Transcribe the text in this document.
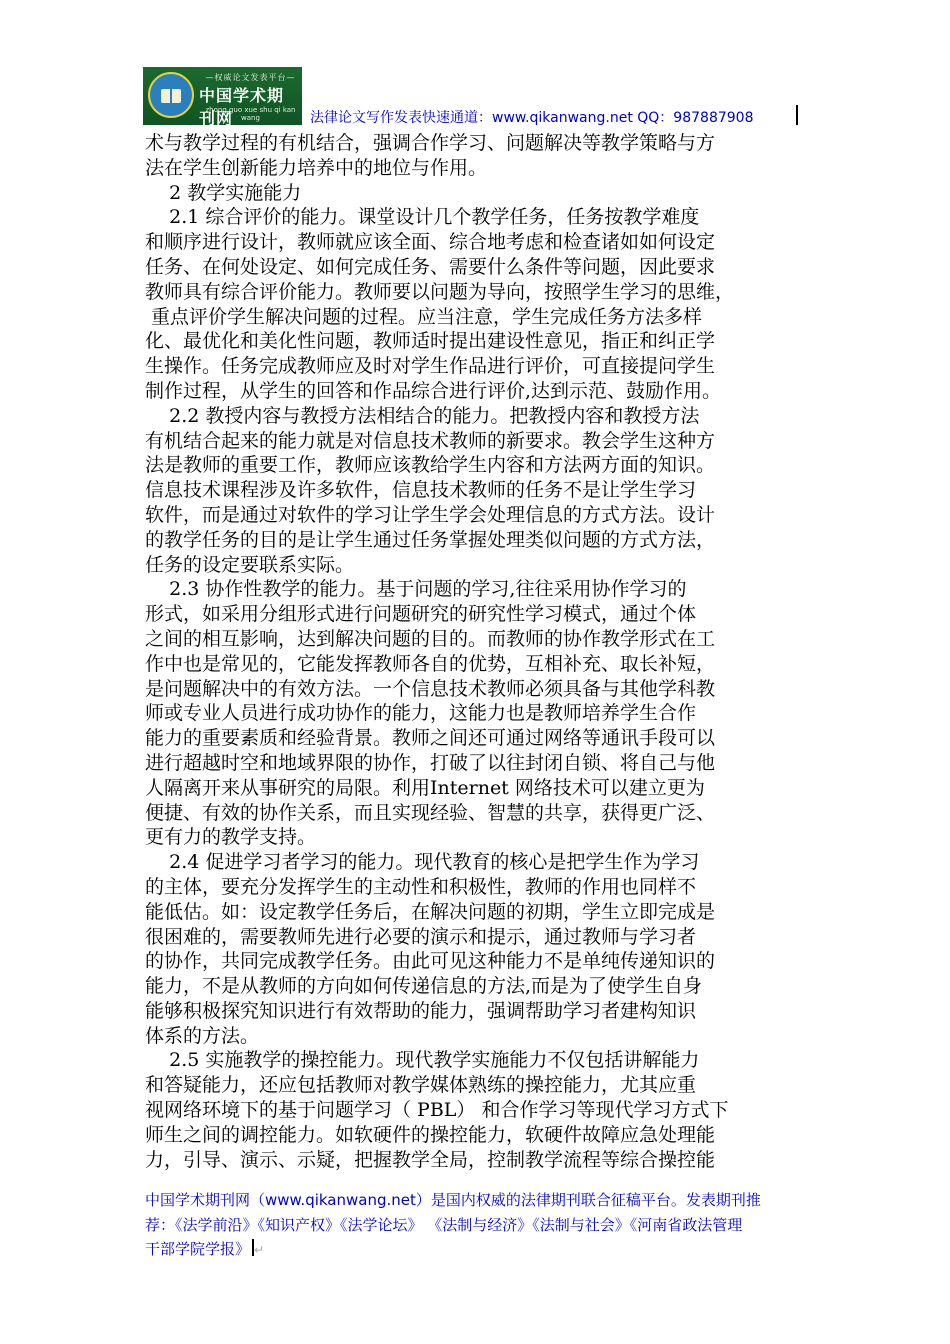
—权威论文发表平台—
中国学术期刊网
zhong guo xue shu qi kan wang	法律论文写作发表快速通道：www.qikanwang.net QQ：987887908

术与教学过程的有机结合，强调合作学习、问题解决等教学策略与方

法在学生创新能力培养中的地位与作用。

2 教学实施能力

2.1 综合评价的能力。课堂设计几个教学任务，任务按教学难度

和顺序进行设计，教师就应该全面、综合地考虑和检查诸如如何设定

任务、在何处设定、如何完成任务、需要什么条件等问题，因此要求

教师具有综合评价能力。教师要以问题为导向，按照学生学习的思维，

重点评价学生解决问题的过程。应当注意，学生完成任务方法多样

化、最优化和美化性问题，教师适时提出建设性意见，指正和纠正学

生操作。任务完成教师应及时对学生作品进行评价，可直接提问学生

制作过程，从学生的回答和作品综合进行评价,达到示范、鼓励作用。

2.2 教授内容与教授方法相结合的能力。把教授内容和教授方法

有机结合起来的能力就是对信息技术教师的新要求。教会学生这种方

法是教师的重要工作，教师应该教给学生内容和方法两方面的知识。

信息技术课程涉及许多软件，信息技术教师的任务不是让学生学习

软件，而是通过对软件的学习让学生学会处理信息的方式方法。设计

的教学任务的目的是让学生通过任务掌握处理类似问题的方式方法，

任务的设定要联系实际。

2.3 协作性教学的能力。基于问题的学习,往往采用协作学习的

形式，如采用分组形式进行问题研究的研究性学习模式，通过个体

之间的相互影响，达到解决问题的目的。而教师的协作教学形式在工

作中也是常见的，它能发挥教师各自的优势，互相补充、取长补短，

是问题解决中的有效方法。一个信息技术教师必须具备与其他学科教

师或专业人员进行成功协作的能力，这能力也是教师培养学生合作

能力的重要素质和经验背景。教师之间还可通过网络等通讯手段可以

进行超越时空和地域界限的协作，打破了以往封闭自锁、将自己与他

人隔离开来从事研究的局限。利用Internet 网络技术可以建立更为

便捷、有效的协作关系，而且实现经验、智慧的共享，获得更广泛、

更有力的教学支持。

2.4 促进学习者学习的能力。现代教育的核心是把学生作为学习

的主体，要充分发挥学生的主动性和积极性，教师的作用也同样不

能低估。如：设定教学任务后，在解决问题的初期，学生立即完成是

很困难的，需要教师先进行必要的演示和提示，通过教师与学习者

的协作，共同完成教学任务。由此可见这种能力不是单纯传递知识的

能力，不是从教师的方向如何传递信息的方法,而是为了使学生自身

能够积极探究知识进行有效帮助的能力，强调帮助学习者建构知识

体系的方法。

2.5 实施教学的操控能力。现代教学实施能力不仅包括讲解能力

和答疑能力，还应包括教师对教学媒体熟练的操控能力，尤其应重

视网络环境下的基于问题学习（ PBL） 和合作学习等现代学习方式下

师生之间的调控能力。如软硬件的操控能力，软硬件故障应急处理能

力，引导、演示、示疑，把握教学全局，控制教学流程等综合操控能

中国学术期刊网（www.qikanwang.net）是国内权威的法律期刊联合征稿平台。发表期刊推
荐：《法学前沿》《知识产权》《法学论坛》 《法制与经济》《法制与社会》《河南省政法管理
干部学院学报》 ↵
